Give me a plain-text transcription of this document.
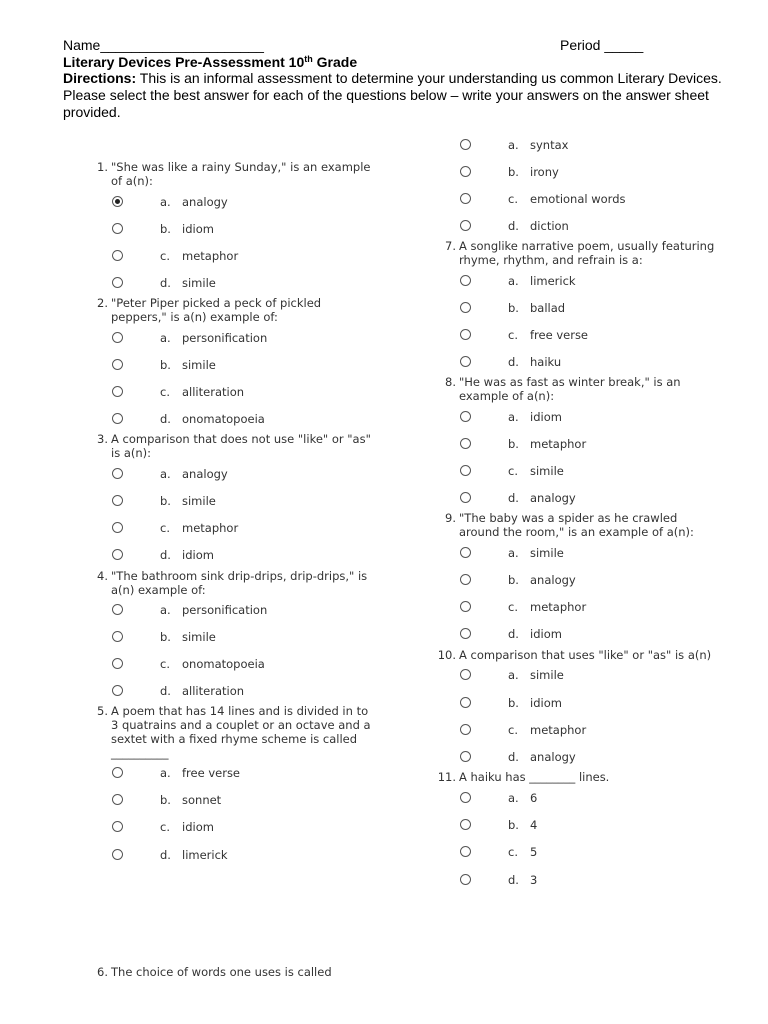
Name_____________________	Period _____
Literary Devices Pre-Assessment 10th Grade
Directions: This is an informal assessment to determine your understanding us common Literary Devices. Please select the best answer for each of the questions below – write your answers on the answer sheet provided.
1. "She was like a rainy Sunday," is an example
of a(n):
a. analogy
b. idiom
c. metaphor
d. simile
2. "Peter Piper picked a peck of pickled
peppers," is a(n) example of:
a. personification
b. simile
c. alliteration
d. onomatopoeia
3. A comparison that does not use "like" or "as"
is a(n):
a. analogy
b. simile
c. metaphor
d. idiom
4. "The bathroom sink drip-drips, drip-drips," is
a(n) example of:
a. personification
b. simile
c. onomatopoeia
d. alliteration
5. A poem that has 14 lines and is divided in to
3 quatrains and a couplet or an octave and a
sextet with a fixed rhyme scheme is called
__________
a. free verse
b. sonnet
c. idiom
d. limerick
6. The choice of words one uses is called
a. syntax
b. irony
c. emotional words
d. diction
7. A songlike narrative poem, usually featuring
rhyme, rhythm, and refrain is a:
a. limerick
b. ballad
c. free verse
d. haiku
8. "He was as fast as winter break," is an
example of a(n):
a. idiom
b. metaphor
c. simile
d. analogy
9. "The baby was a spider as he crawled
around the room," is an example of a(n):
a. simile
b. analogy
c. metaphor
d. idiom
10. A comparison that uses "like" or "as" is a(n)
a. simile
b. idiom
c. metaphor
d. analogy
11. A haiku has ________ lines.
a. 6
b. 4
c. 5
d. 3
